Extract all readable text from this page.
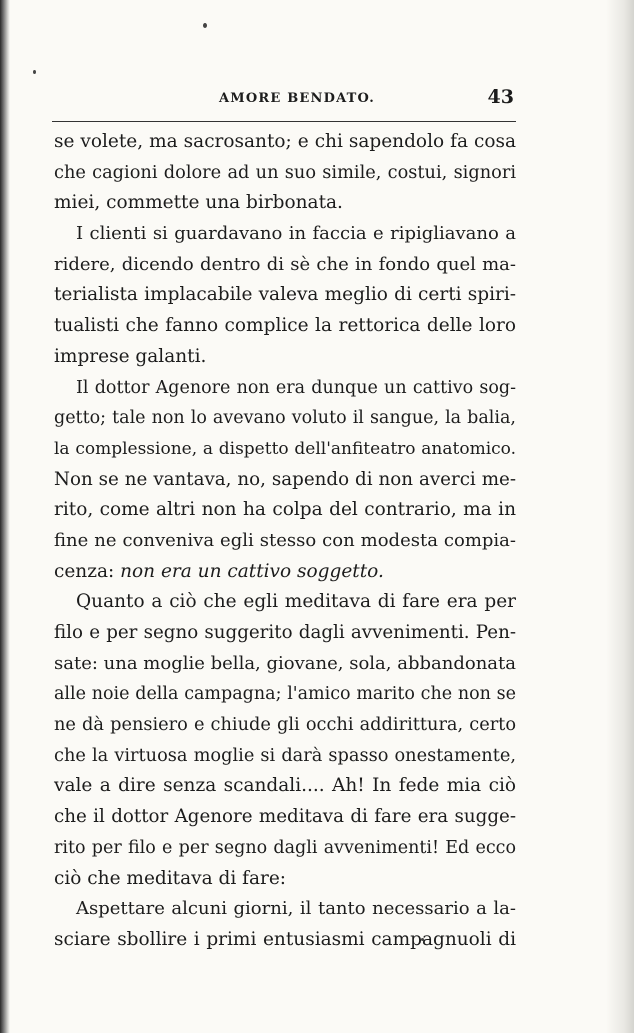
AMORE BENDATO.	43
se volete, ma sacrosanto; e chi sapendolo fa cosa
che cagioni dolore ad un suo simile, costui, signori
miei, commette una birbonata.
I clienti si guardavano in faccia e ripigliavano a
ridere, dicendo dentro di sè che in fondo quel ma-
terialista implacabile valeva meglio di certi spiri-
tualisti che fanno complice la rettorica delle loro
imprese galanti.
Il dottor Agenore non era dunque un cattivo sog-
getto; tale non lo avevano voluto il sangue, la balia,
la complessione, a dispetto dell'anfiteatro anatomico.
Non se ne vantava, no, sapendo di non averci me-
rito, come altri non ha colpa del contrario, ma in
fine ne conveniva egli stesso con modesta compia-
cenza: non era un cattivo soggetto.
Quanto a ciò che egli meditava di fare era per
filo e per segno suggerito dagli avvenimenti. Pen-
sate: una moglie bella, giovane, sola, abbandonata
alle noie della campagna; l'amico marito che non se
ne dà pensiero e chiude gli occhi addirittura, certo
che la virtuosa moglie si darà spasso onestamente,
vale a dire senza scandali.... Ah! In fede mia ciò
che il dottor Agenore meditava di fare era sugge-
rito per filo e per segno dagli avvenimenti! Ed ecco
ciò che meditava di fare:
Aspettare alcuni giorni, il tanto necessario a la-
sciare sbollire i primi entusiasmi campagnuoli di
